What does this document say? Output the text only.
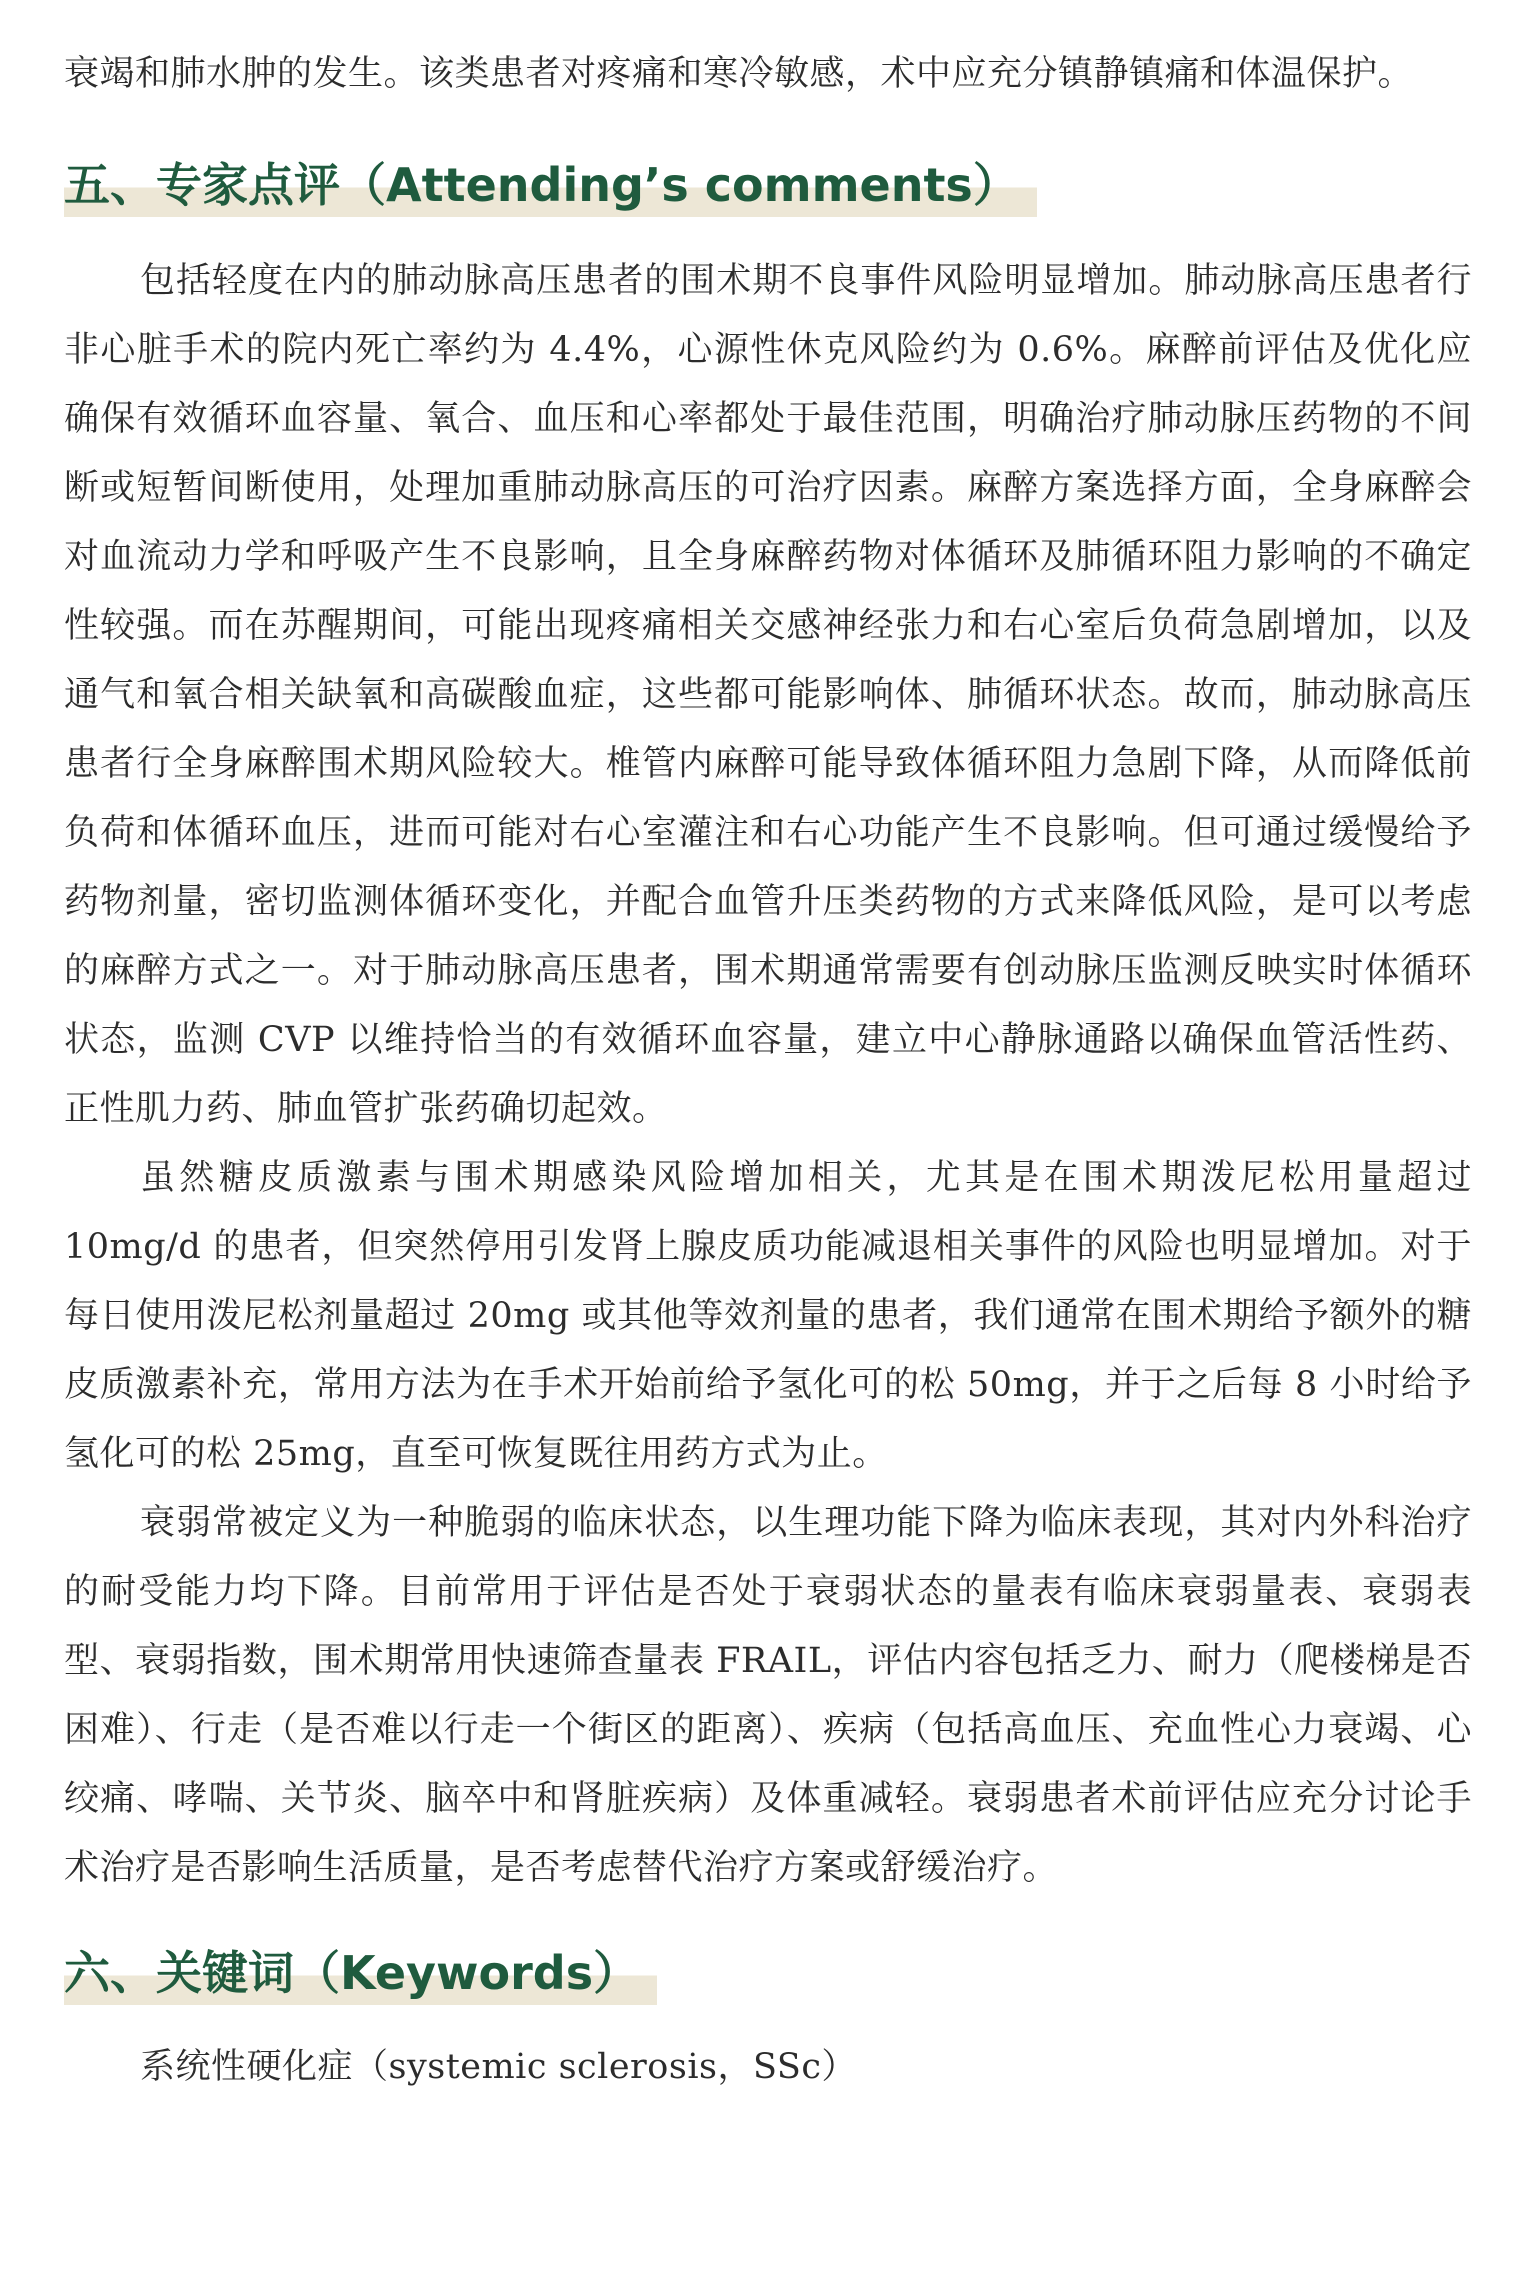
衰竭和肺水肿的发生。该类患者对疼痛和寒冷敏感，术中应充分镇静镇痛和体温保护。

五、专家点评（Attending’s comments）

包括轻度在内的肺动脉高压患者的围术期不良事件风险明显增加。肺动脉高压患者行非心脏手术的院内死亡率约为 4.4%，心源性休克风险约为 0.6%。麻醉前评估及优化应确保有效循环血容量、氧合、血压和心率都处于最佳范围，明确治疗肺动脉压药物的不间断或短暂间断使用，处理加重肺动脉高压的可治疗因素。麻醉方案选择方面，全身麻醉会对血流动力学和呼吸产生不良影响，且全身麻醉药物对体循环及肺循环阻力影响的不确定性较强。而在苏醒期间，可能出现疼痛相关交感神经张力和右心室后负荷急剧增加，以及通气和氧合相关缺氧和高碳酸血症，这些都可能影响体、肺循环状态。故而，肺动脉高压患者行全身麻醉围术期风险较大。椎管内麻醉可能导致体循环阻力急剧下降，从而降低前负荷和体循环血压，进而可能对右心室灌注和右心功能产生不良影响。但可通过缓慢给予药物剂量，密切监测体循环变化，并配合血管升压类药物的方式来降低风险，是可以考虑的麻醉方式之一。对于肺动脉高压患者，围术期通常需要有创动脉压监测反映实时体循环状态，监测 CVP 以维持恰当的有效循环血容量，建立中心静脉通路以确保血管活性药、正性肌力药、肺血管扩张药确切起效。

虽然糖皮质激素与围术期感染风险增加相关，尤其是在围术期泼尼松用量超过 10mg/d 的患者，但突然停用引发肾上腺皮质功能减退相关事件的风险也明显增加。对于每日使用泼尼松剂量超过 20mg 或其他等效剂量的患者，我们通常在围术期给予额外的糖皮质激素补充，常用方法为在手术开始前给予氢化可的松 50mg，并于之后每 8 小时给予氢化可的松 25mg，直至可恢复既往用药方式为止。

衰弱常被定义为一种脆弱的临床状态，以生理功能下降为临床表现，其对内外科治疗的耐受能力均下降。目前常用于评估是否处于衰弱状态的量表有临床衰弱量表、衰弱表型、衰弱指数，围术期常用快速筛查量表 FRAIL，评估内容包括乏力、耐力（爬楼梯是否困难）、行走（是否难以行走一个街区的距离）、疾病（包括高血压、充血性心力衰竭、心绞痛、哮喘、关节炎、脑卒中和肾脏疾病）及体重减轻。衰弱患者术前评估应充分讨论手术治疗是否影响生活质量，是否考虑替代治疗方案或舒缓治疗。

六、关键词（Keywords）

系统性硬化症（systemic sclerosis，SSc）
